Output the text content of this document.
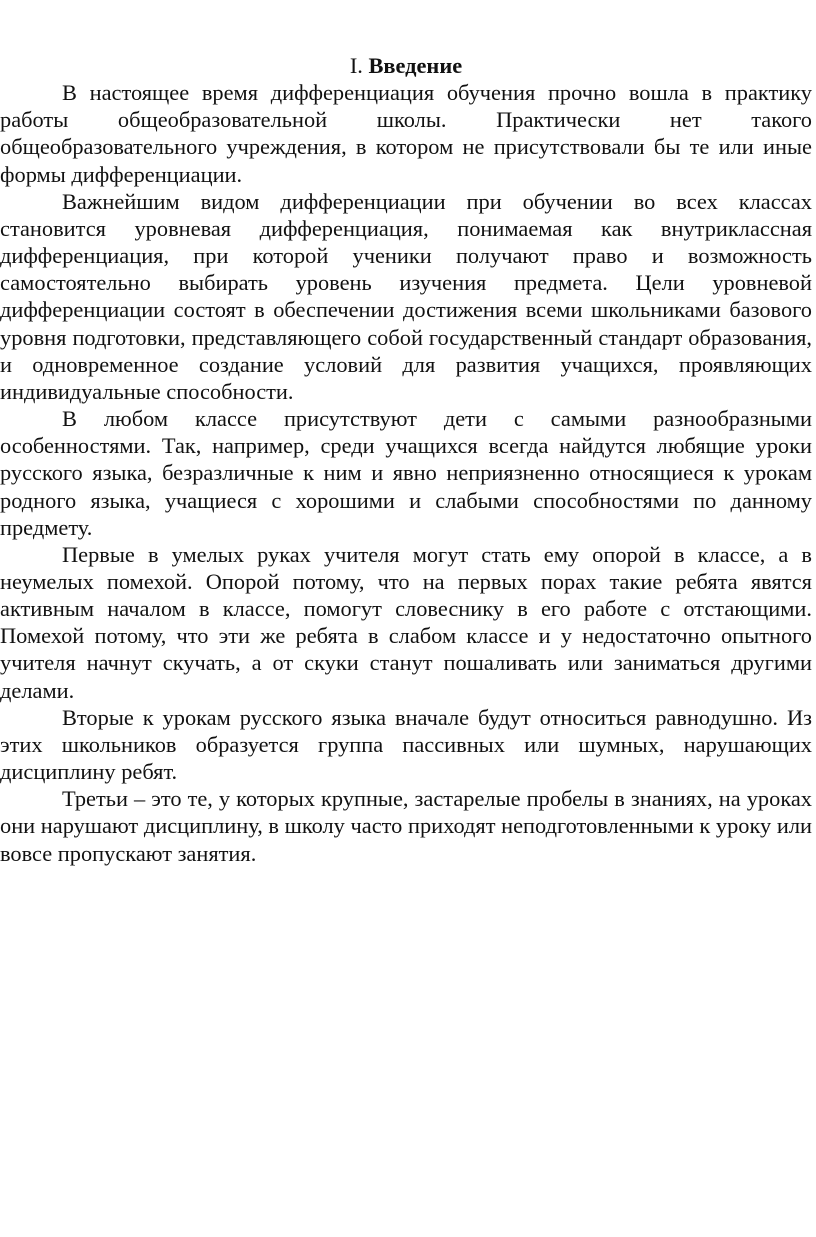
I. Введение

В настоящее время дифференциация обучения прочно вошла в практику работы общеобразовательной школы. Практически нет такого общеобразовательного учреждения, в котором не присутствовали бы те или иные формы дифференциации.

Важнейшим видом дифференциации при обучении во всех классах становится уровневая дифференциация, понимаемая как внутриклассная дифференциация, при которой ученики получают право и возможность самостоятельно выбирать уровень изучения предмета. Цели уровневой дифференциации состоят в обеспечении достижения всеми школьниками базового уровня подготовки, представляющего собой государственный стандарт образования, и одновременное создание условий для развития учащихся, проявляющих индивидуальные способности.

В любом классе присутствуют дети с самыми разнообразными особенностями. Так, например, среди учащихся всегда найдутся любящие уроки русского языка, безразличные к ним и явно неприязненно относящиеся к урокам родного языка, учащиеся с хорошими и слабыми способностями по данному предмету.

Первые в умелых руках учителя могут стать ему опорой в классе, а в неумелых помехой. Опорой потому, что на первых порах такие ребята явятся активным началом в классе, помогут словеснику в его работе с отстающими. Помехой потому, что эти же ребята в слабом классе и у недостаточно опытного учителя начнут скучать, а от скуки станут пошаливать или заниматься другими делами.

Вторые к урокам русского языка вначале будут относиться равнодушно. Из этих школьников образуется группа пассивных или шумных, нарушающих дисциплину ребят.

Третьи – это те, у которых крупные, застарелые пробелы в знаниях, на уроках они нарушают дисциплину, в школу часто приходят неподготовленными к уроку или вовсе пропускают занятия.
